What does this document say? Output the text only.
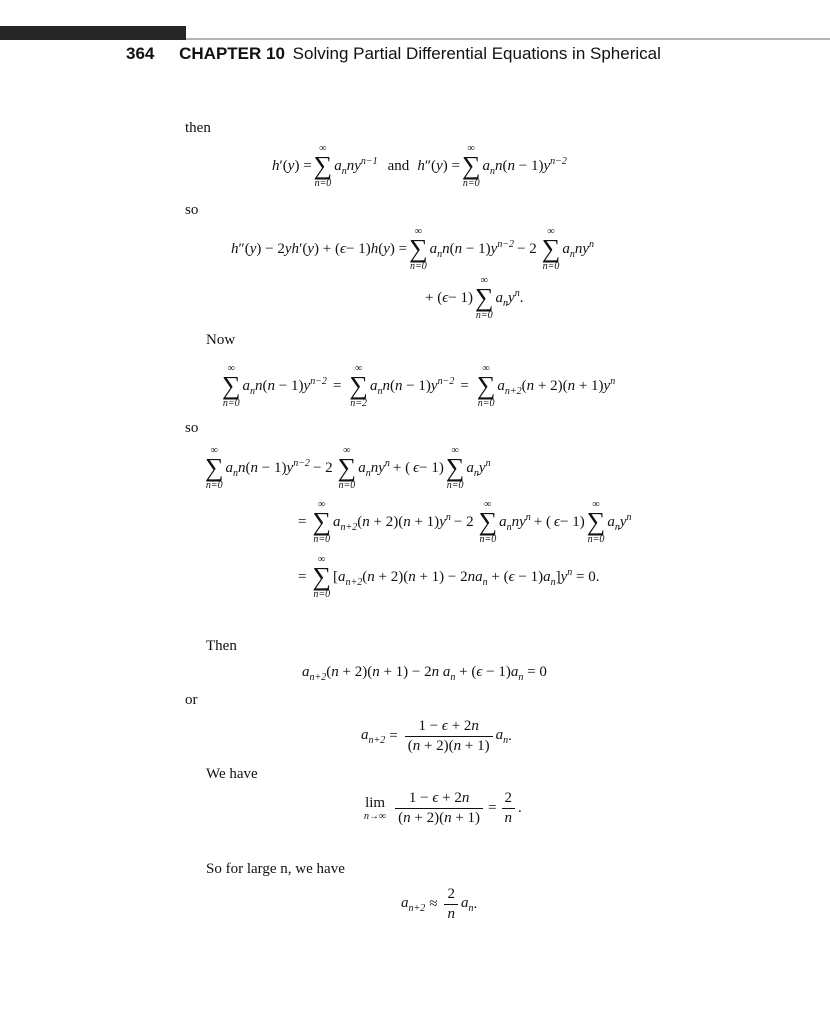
364 CHAPTER 10 Solving Partial Differential Equations in Spherical
then
h ′( y ) =
∞
∑
n=0
$a_nny^{n-1}$ and h ″( y ) =
∞
∑
n=0
$a_nn(n - 1)y^{n-2}$
so
h ″( y ) − 2 yh ′( y ) + ( ϵ − 1) h ( y ) =
∞
∑
n=0
$a_nn(n - 1)y^{n-2} - 2$
∞
∑
n=0
$a_nny^n$
+ ( ϵ − 1)
∞
∑
n=0
$a_ny^n$ .
Now
∞
∑
n=0
$a_nn(n - 1)y^{n-2}$ =
∞
∑
n=2
$a_nn(n - 1)y^{n-2}$ =
∞
∑
n=0
$a_{n+2}(n + 2)(n + 1)y^n$
so
∞
∑
n=0
$a_nn(n - 1)y^{n-2} - 2$
∞
∑
n=0
$a_nny^n$ + ( ϵ − 1)
∞
∑
n=0
$a_ny^n$
=
∞
∑
n=0
$a_{n+2}(n + 2)(n + 1)y^n - 2$
∞
∑
n=0
$a_nny^n$ + ( ϵ − 1)
∞
∑
n=0
$a_ny^n$
=
∞
∑
n=0
$[a_{n+2}(n + 2)(n + 1) - 2na_n + (\epsilon - 1)a_n]y^n = 0$.
Then
$a_{n+2}(n + 2)(n + 1) - 2n$ $a_n + (\epsilon - 1)a_n = 0$
or
$a_{n+2} = \frac{1 - \epsilon + 2n}{(n + 2)(n + 1)} a_n$ .
We have
lim
$n\to\infty \frac{1 - \epsilon + 2n}{(n + 2)(n + 1)} = \frac{2}{n}$ .
So for large n, we have
$a_{n+2} \approx \frac{2}{n} a_n$ .
